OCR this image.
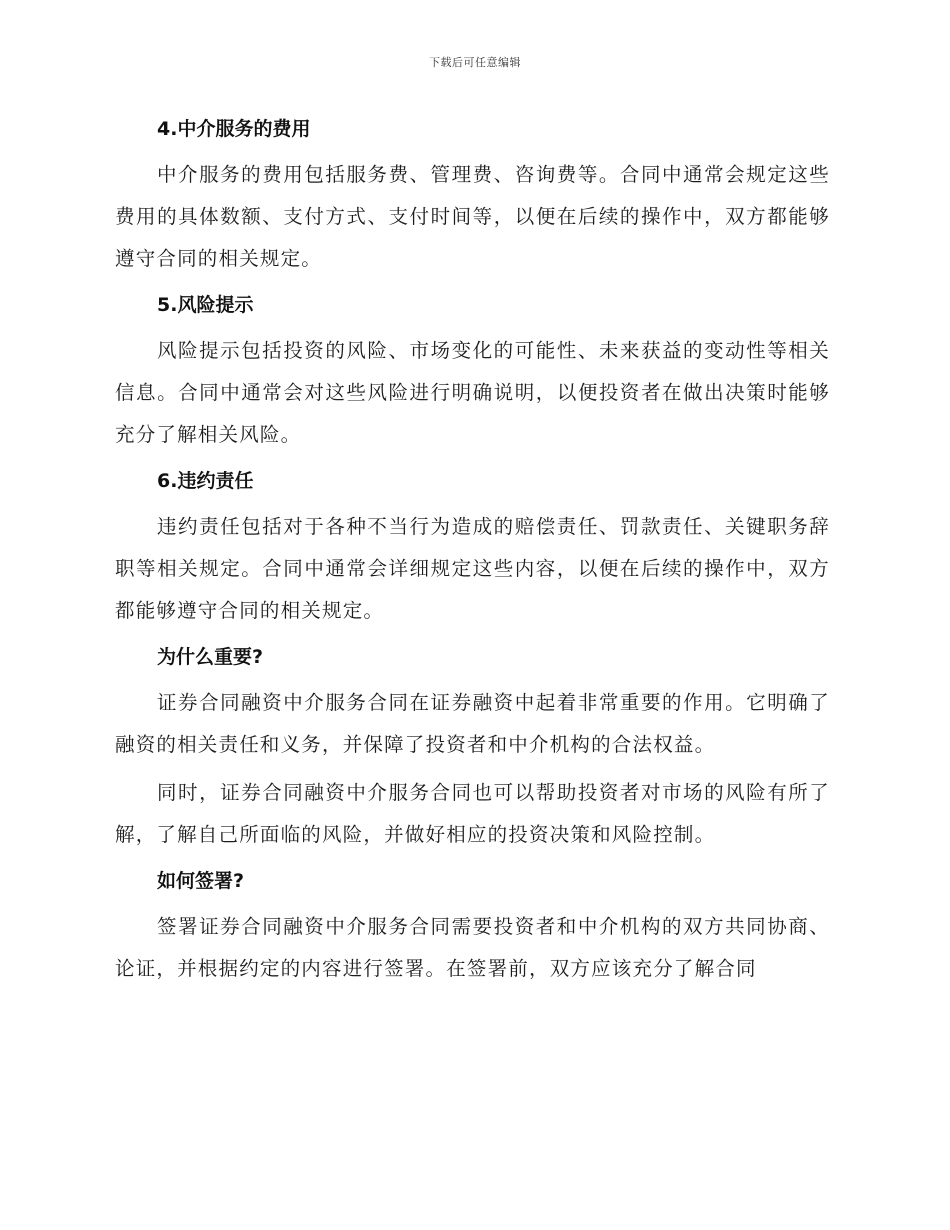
下载后可任意编辑
4.中介服务的费用

中介服务的费用包括服务费、管理费、咨询费等。合同中通常会规定这些费用的具体数额、支付方式、支付时间等，以便在后续的操作中，双方都能够遵守合同的相关规定。

5.风险提示

风险提示包括投资的风险、市场变化的可能性、未来获益的变动性等相关信息。合同中通常会对这些风险进行明确说明，以便投资者在做出决策时能够充分了解相关风险。

6.违约责任

违约责任包括对于各种不当行为造成的赔偿责任、罚款责任、关键职务辞职等相关规定。合同中通常会详细规定这些内容，以便在后续的操作中，双方都能够遵守合同的相关规定。

为什么重要?

证券合同融资中介服务合同在证券融资中起着非常重要的作用。它明确了融资的相关责任和义务，并保障了投资者和中介机构的合法权益。

同时，证券合同融资中介服务合同也可以帮助投资者对市场的风险有所了解，了解自己所面临的风险，并做好相应的投资决策和风险控制。

如何签署?

签署证券合同融资中介服务合同需要投资者和中介机构的双方共同协商、论证，并根据约定的内容进行签署。在签署前，双方应该充分了解合同
